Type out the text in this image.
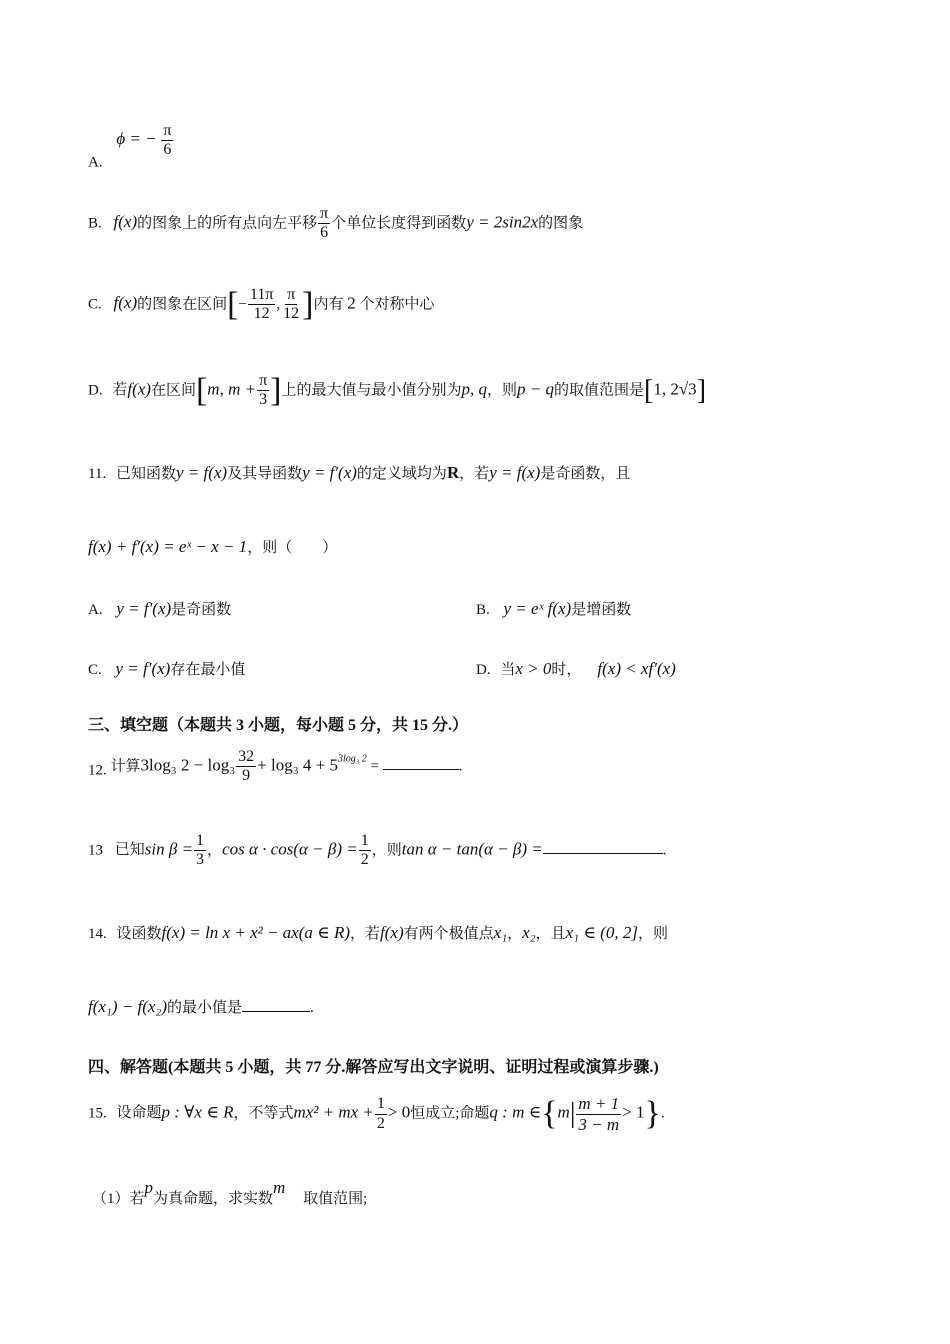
A. ϕ = − $\frac{\pi}{6}$
B. f(x)的图象上的所有点向左平移 $\frac{\pi}{6}$ 个单位长度得到函数y = 2sin2x的图象
C. f(x)的图象在区间[− $\frac{11\pi}{12}$ , $\frac{\pi}{12}$ ]内有 2 个对称中心
D. 若f(x)在区间[m, $m + \frac{\pi}{3}$ ]上的最大值与最小值分别为p, q，则p − q的取值范围是[1, 2√3]
11. 已知函数y = f(x)及其导函数y = f′(x)的定义域均为R，若y = f(x)是奇函数，且
f(x) + f′(x) = eˣ − x − 1，则（　　）
A. y = f′(x)是奇函数	B. y = eˣ f(x)是增函数
C. y = f′(x)存在最小值	D. 当x > 0时， f(x) < xf′(x)
三、填空题（本题共 3 小题，每小题 5 分，共 15 分.）
12. 计算3log₃ $2 - \log_3 \frac{32}{9} + \log_3$ $4 + 5^{3log_3 2}$ =	.
13 已知$\sin \beta = \frac{1}{3}$ ，$\cos \alpha \cdot \cos(\alpha - \beta) = \frac{1}{2}$ ，则tan α − tan(α − β) =	.
14. 设函数f(x) = ln x + x² − ax(a ∈ R)，若f(x)有两个极值点x₁，x₂，且x₁ ∈ (0, 2]，则
f(x₁) − f(x₂)的最小值是	.
四、解答题(本题共 5 小题，共 77 分.解答应写出文字说明、证明过程或演算步骤.)
15. 设命题p : ∀x ∈ R，不等式mx² + mx + $\frac{1}{2} > 0$恒成立;命题q : m ∈{m| $\frac{m + 1}{3 - m} > 1$}.
（1）若p为真命题，求实数m 取值范围;
